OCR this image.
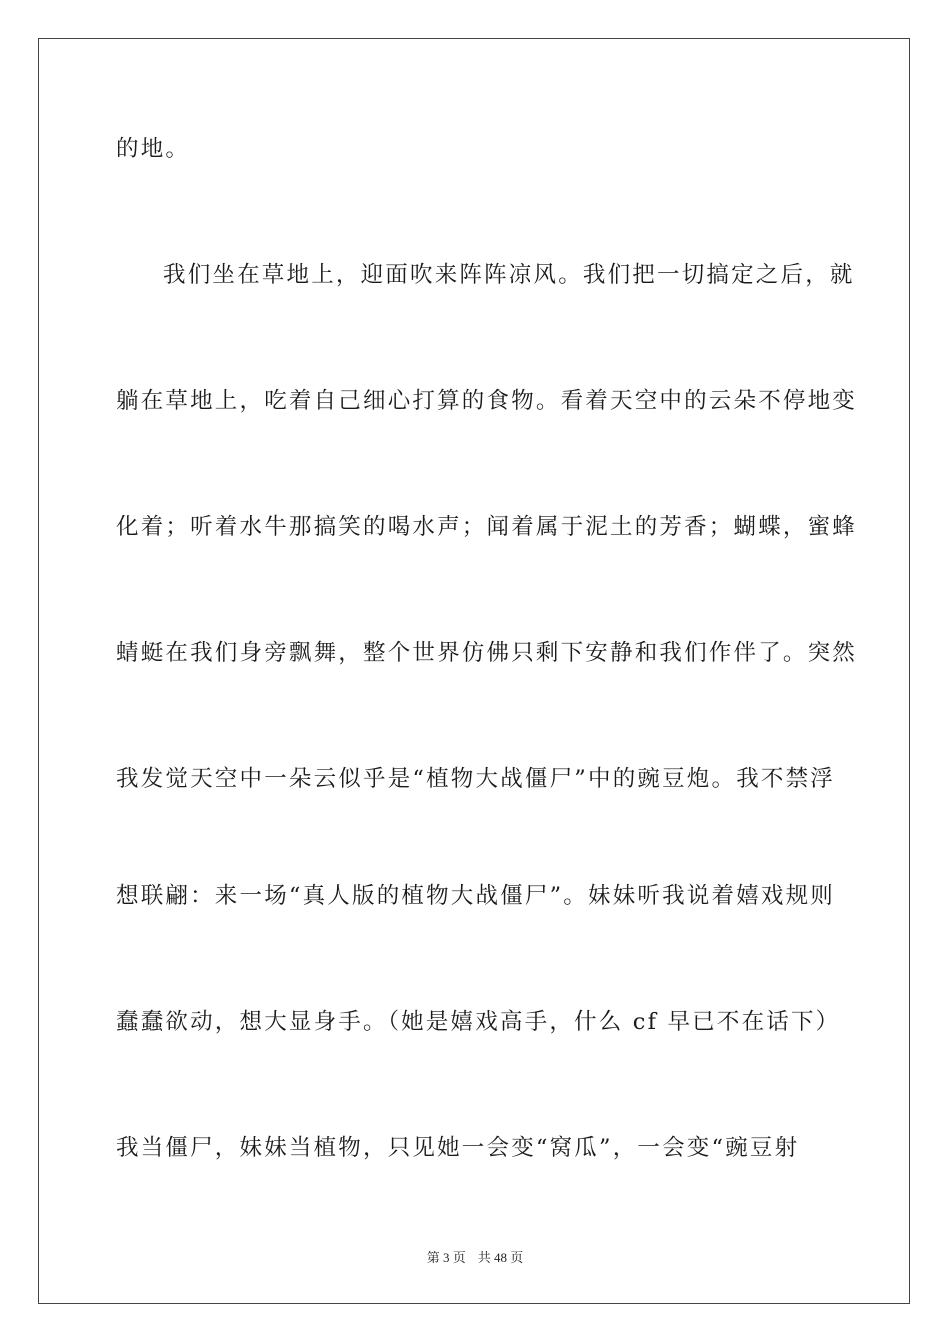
的地。
我们坐在草地上，迎面吹来阵阵凉风。我们把一切搞定之后，就
躺在草地上，吃着自己细心打算的食物。看着天空中的云朵不停地变
化着；听着水牛那搞笑的喝水声；闻着属于泥土的芳香；蝴蝶，蜜蜂
蜻蜓在我们身旁飘舞，整个世界仿佛只剩下安静和我们作伴了。突然
我发觉天空中一朵云似乎是“植物大战僵尸”中的豌豆炮。我不禁浮
想联翩：来一场“真人版的植物大战僵尸”。妹妹听我说着嬉戏规则
蠢蠢欲动，想大显身手。（她是嬉戏高手，什么 cf 早已不在话下）
我当僵尸，妹妹当植物，只见她一会变“窝瓜”，一会变“豌豆射
第 3 页 共 48 页
